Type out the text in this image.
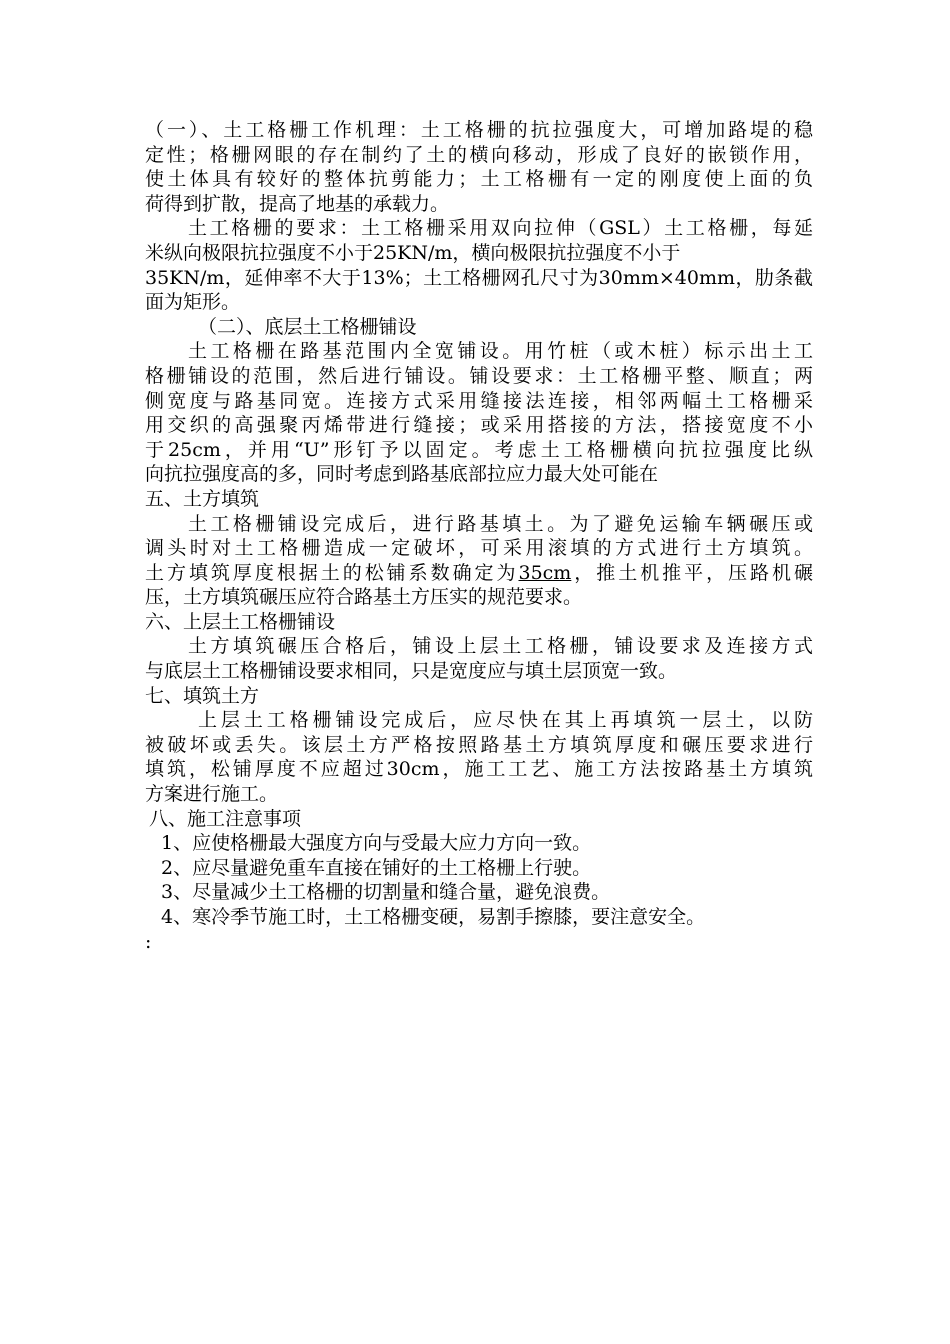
（一）、土工格栅工作机理：土工格栅的抗拉强度大，可增加路堤的稳
定性；格栅网眼的存在制约了土的横向移动，形成了良好的嵌锁作用，
使土体具有较好的整体抗剪能力；土工格栅有一定的刚度使上面的负
荷得到扩散，提高了地基的承载力。
土工格栅的要求：土工格栅采用双向拉伸（GSL）土工格栅，每延
米纵向极限抗拉强度不小于25KN/m，横向极限抗拉强度不小于
35KN/m，延伸率不大于13%；土工格栅网孔尺寸为30mm×40mm，肋条截
面为矩形。
（二）、底层土工格栅铺设
土工格栅在路基范围内全宽铺设。用竹桩（或木桩）标示出土工
格栅铺设的范围，然后进行铺设。铺设要求：土工格栅平整、顺直；两
侧宽度与路基同宽。连接方式采用缝接法连接，相邻两幅土工格栅采
用交织的高强聚丙烯带进行缝接；或采用搭接的方法，搭接宽度不小
于25cm，并用“U”形钉予以固定。考虑土工格栅横向抗拉强度比纵
向抗拉强度高的多，同时考虑到路基底部拉应力最大处可能在
五、土方填筑
土工格栅铺设完成后，进行路基填土。为了避免运输车辆碾压或
调头时对土工格栅造成一定破坏，可采用滚填的方式进行土方填筑。
土方填筑厚度根据土的松铺系数确定为35cm，推土机推平，压路机碾
压，土方填筑碾压应符合路基土方压实的规范要求。
六、上层土工格栅铺设
土方填筑碾压合格后，铺设上层土工格栅，铺设要求及连接方式
与底层土工格栅铺设要求相同，只是宽度应与填土层顶宽一致。
七、填筑土方
上层土工格栅铺设完成后，应尽快在其上再填筑一层土，以防
被破坏或丢失。该层土方严格按照路基土方填筑厚度和碾压要求进行
填筑，松铺厚度不应超过30cm，施工工艺、施工方法按路基土方填筑
方案进行施工。
八、施工注意事项
1、应使格栅最大强度方向与受最大应力方向一致。
2、应尽量避免重车直接在铺好的土工格栅上行驶。
3、尽量减少土工格栅的切割量和缝合量，避免浪费。
4、寒冷季节施工时，土工格栅变硬，易割手擦膝，要注意安全。
:
